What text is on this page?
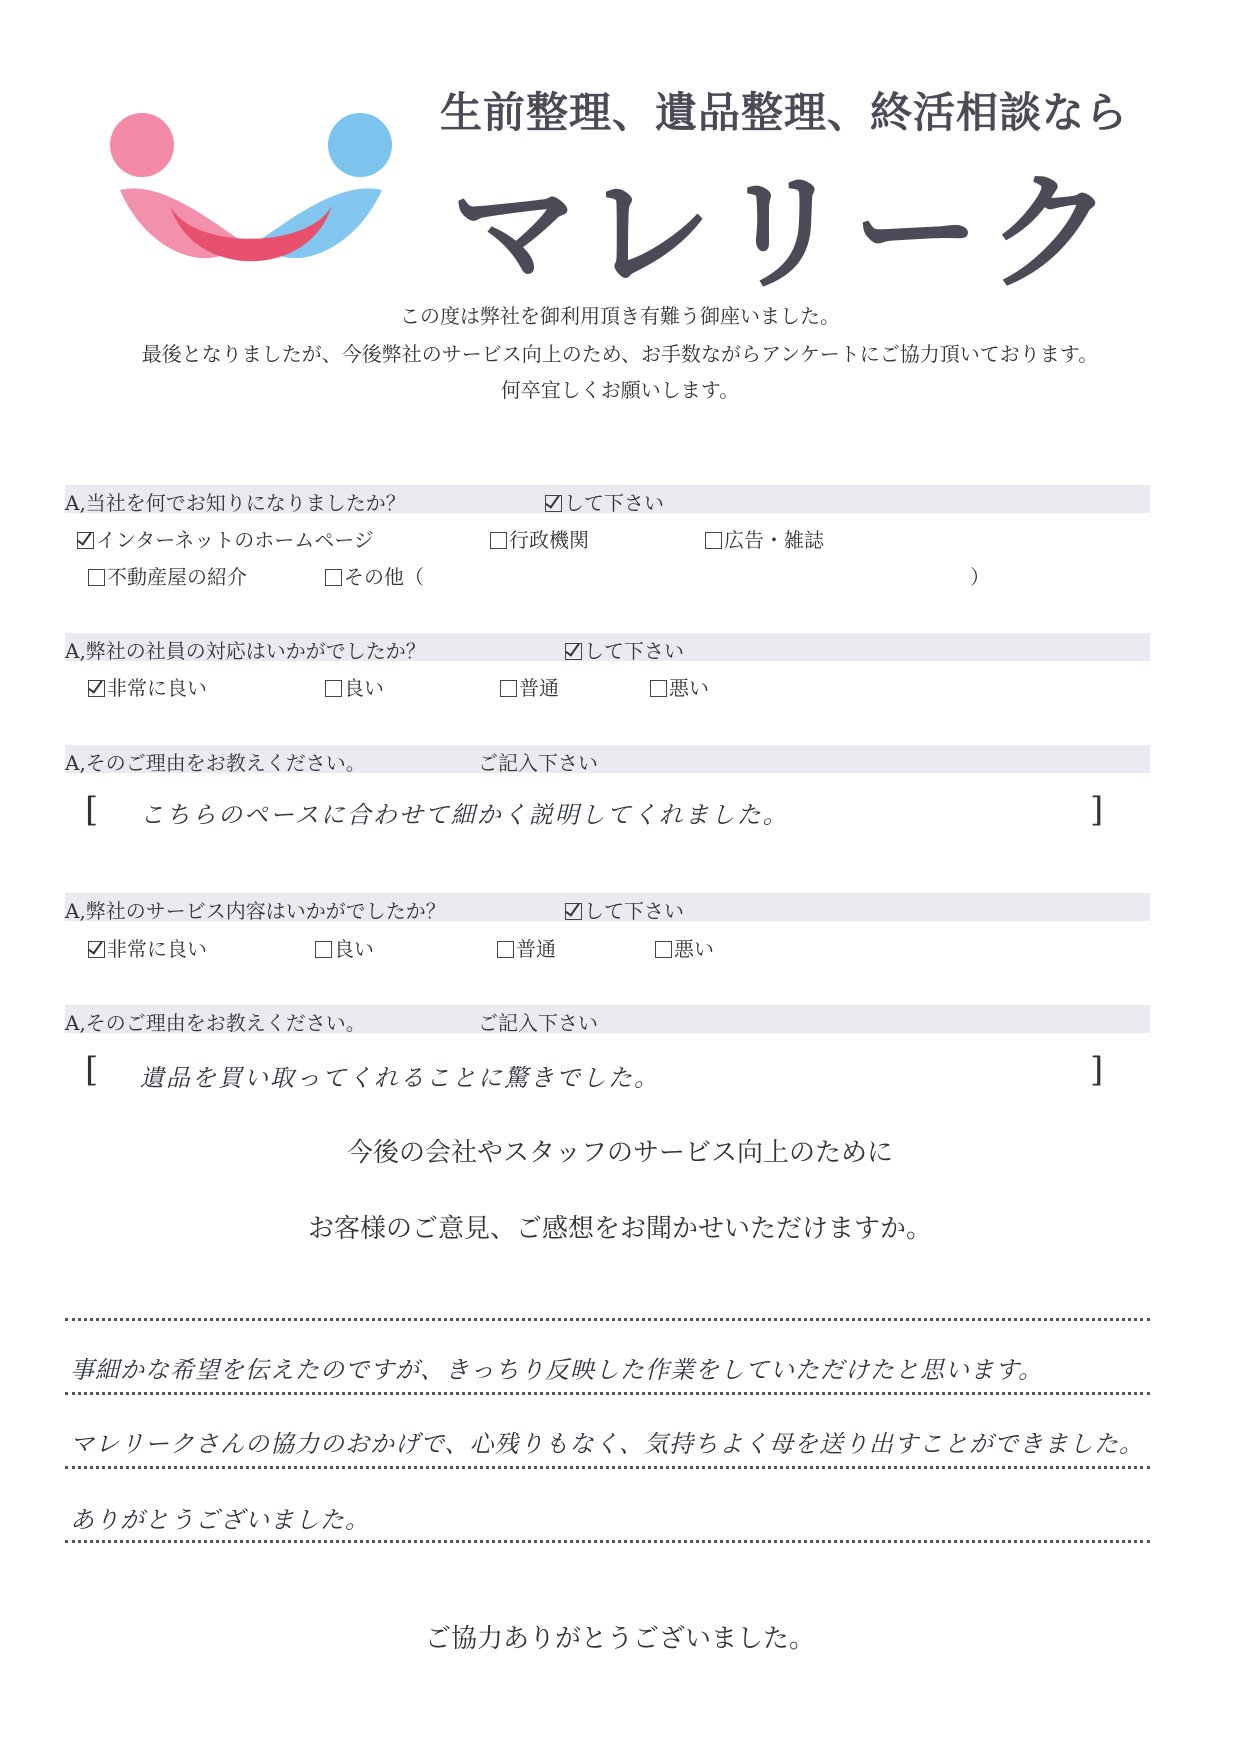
生前整理、遺品整理、終活相談なら
マレリーク
この度は弊社を御利用頂き有難う御座いました。
最後となりましたが、今後弊社のサービス向上のため、お手数ながらアンケートにご協力頂いております。
何卒宜しくお願いします。
A,当社を何でお知りになりましたか？	して下さい
インターネットのホームページ	行政機関	広告・雑誌
不動産屋の紹介	その他（	）
A,弊社の社員の対応はいかがでしたか？	して下さい
非常に良い	良い	普通	悪い
A,そのご理由をお教えください。	ご記入下さい
[ こちらのペースに合わせて細かく説明してくれました。	]
A,弊社のサービス内容はいかがでしたか？	して下さい
非常に良い	良い	普通	悪い
A,そのご理由をお教えください。	ご記入下さい
[ 遺品を買い取ってくれることに驚きでした。	]
今後の会社やスタッフのサービス向上のために
お客様のご意見、ご感想をお聞かせいただけますか。
事細かな希望を伝えたのですが、きっちり反映した作業をしていただけたと思います。
マレリークさんの協力のおかげで、心残りもなく、気持ちよく母を送り出すことができました。
ありがとうございました。
ご協力ありがとうございました。
